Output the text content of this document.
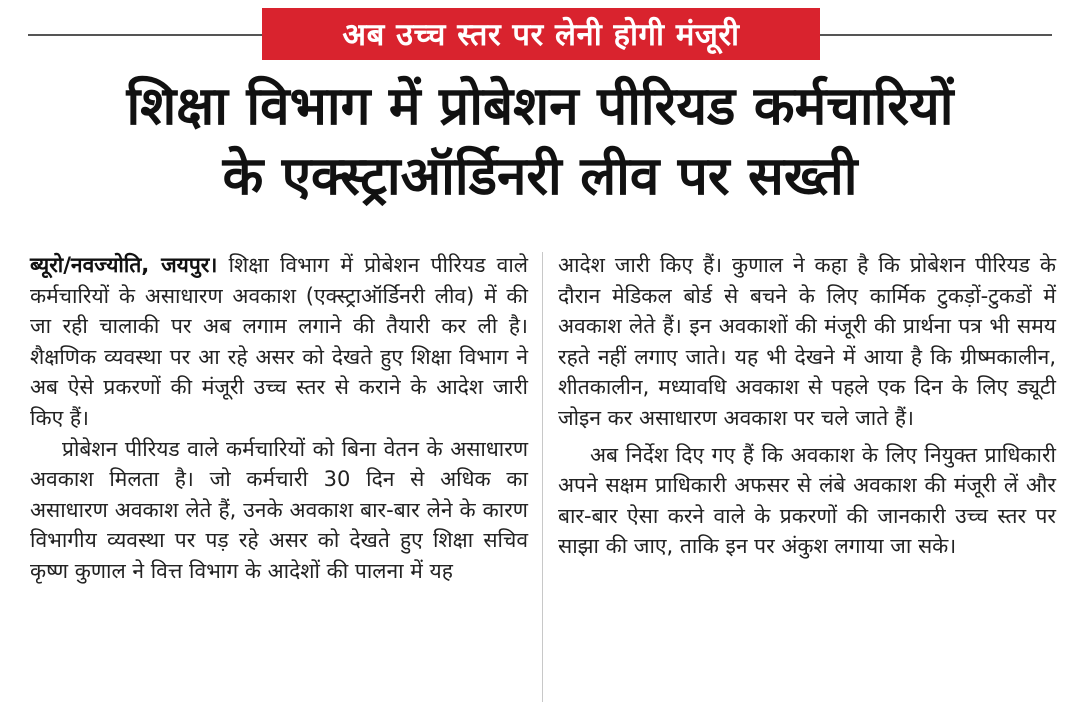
अब उच्च स्तर पर लेनी होगी मंजूरी
शिक्षा विभाग में प्रोबेशन पीरियड कर्मचारियों
के एक्स्ट्राऑर्डिनरी लीव पर सख्ती

ब्यूरो/नवज्योति, जयपुर। शिक्षा विभाग में प्रोबेशन पीरियड वाले कर्मचारियों के असाधारण अवकाश (एक्स्ट्राऑर्डिनरी लीव) में की जा रही चालाकी पर अब लगाम लगाने की तैयारी कर ली है। शैक्षणिक व्यवस्था पर आ रहे असर को देखते हुए शिक्षा विभाग ने अब ऐसे प्रकरणों की मंजूरी उच्च स्तर से कराने के आदेश जारी किए हैं।

प्रोबेशन पीरियड वाले कर्मचारियों को बिना वेतन के असाधारण अवकाश मिलता है। जो कर्मचारी 30 दिन से अधिक का असाधारण अवकाश लेते हैं, उनके अवकाश बार-बार लेने के कारण विभागीय व्यवस्था पर पड़ रहे असर को देखते हुए शिक्षा सचिव कृष्ण कुणाल ने वित्त विभाग के आदेशों की पालना में यह

आदेश जारी किए हैं। कुणाल ने कहा है कि प्रोबेशन पीरियड के दौरान मेडिकल बोर्ड से बचने के लिए कार्मिक टुकड़ों-टुकडों में अवकाश लेते हैं। इन अवकाशों की मंजूरी की प्रार्थना पत्र भी समय रहते नहीं लगाए जाते। यह भी देखने में आया है कि ग्रीष्मकालीन, शीतकालीन, मध्यावधि अवकाश से पहले एक दिन के लिए ड्यूटी जोइन कर असाधारण अवकाश पर चले जाते हैं।

अब निर्देश दिए गए हैं कि अवकाश के लिए नियुक्त प्राधिकारी अपने सक्षम प्राधिकारी अफसर से लंबे अवकाश की मंजूरी लें और बार-बार ऐसा करने वाले के प्रकरणों की जानकारी उच्च स्तर पर साझा की जाए, ताकि इन पर अंकुश लगाया जा सके।
